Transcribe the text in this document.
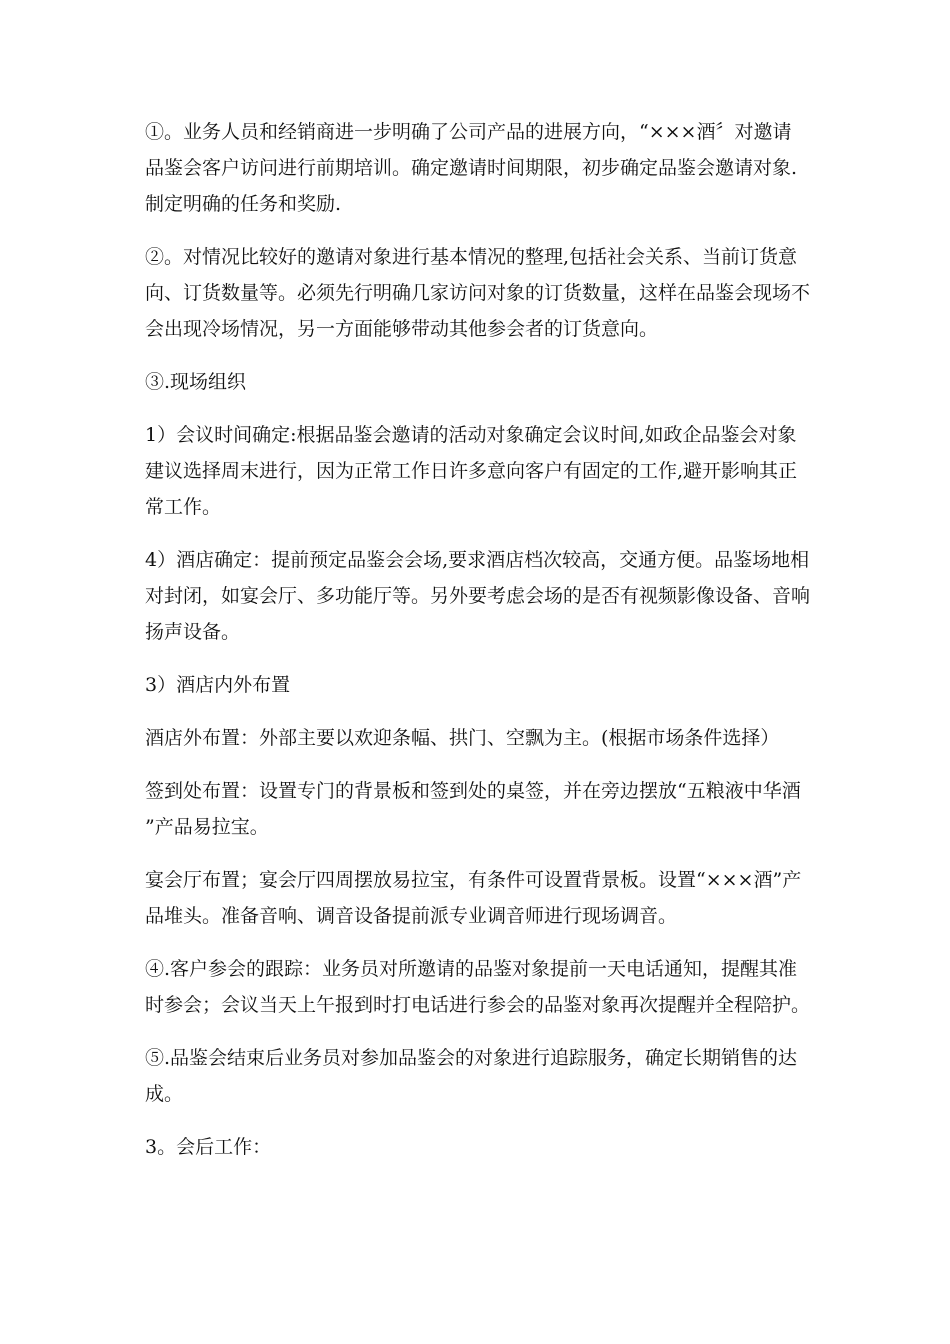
①。业务人员和经销商进一步明确了公司产品的进展方向，“×××酒〞对邀请品鉴会客户访问进行前期培训。确定邀请时间期限，初步确定品鉴会邀请对象.制定明确的任务和奖励.

②。对情况比较好的邀请对象进行基本情况的整理,包括社会关系、当前订货意向、订货数量等。必须先行明确几家访问对象的订货数量，这样在品鉴会现场不会出现冷场情况，另一方面能够带动其他参会者的订货意向。

③.现场组织

1）会议时间确定:根据品鉴会邀请的活动对象确定会议时间,如政企品鉴会对象建议选择周末进行，因为正常工作日许多意向客户有固定的工作,避开影响其正常工作。

4）酒店确定：提前预定品鉴会会场,要求酒店档次较高，交通方便。品鉴场地相对封闭，如宴会厅、多功能厅等。另外要考虑会场的是否有视频影像设备、音响扬声设备。

3）酒店内外布置

酒店外布置：外部主要以欢迎条幅、拱门、空飘为主。(根据市场条件选择）

签到处布置：设置专门的背景板和签到处的桌签，并在旁边摆放“五粮液中华酒”产品易拉宝。

宴会厅布置；宴会厅四周摆放易拉宝，有条件可设置背景板。设置“×××酒”产品堆头。准备音响、调音设备提前派专业调音师进行现场调音。

④.客户参会的跟踪：业务员对所邀请的品鉴对象提前一天电话通知，提醒其准时参会；会议当天上午报到时打电话进行参会的品鉴对象再次提醒并全程陪护。

⑤.品鉴会结束后业务员对参加品鉴会的对象进行追踪服务，确定长期销售的达成。

3。会后工作：
